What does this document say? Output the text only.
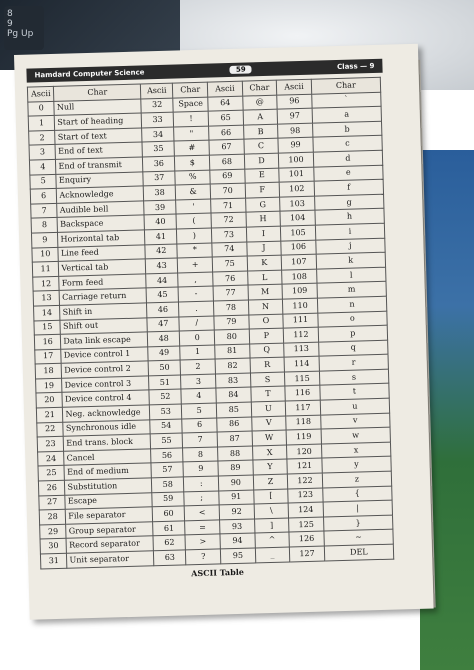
8
9
Pg Up
Hamdard Computer Science	59	Class — 9
Ascii	Char	Ascii	Char	Ascii	Char	Ascii	Char
0	Null	32	Space	64	@	96	`
1	Start of heading	33	!	65	A	97	a
2	Start of text	34	"	66	B	98	b
3	End of text	35	#	67	C	99	c
4	End of transmit	36	$	68	D	100	d
5	Enquiry	37	%	69	E	101	e
6	Acknowledge	38	&	70	F	102	f
7	Audible bell	39	'	71	G	103	g
8	Backspace	40	(	72	H	104	h
9	Horizontal tab	41	)	73	I	105	i
10	Line feed	42	*	74	J	106	j
11	Vertical tab	43	+	75	K	107	k
12	Form feed	44	,	76	L	108	l
13	Carriage return	45	-	77	M	109	m
14	Shift in	46	.	78	N	110	n
15	Shift out	47	/	79	O	111	o
16	Data link escape	48	0	80	P	112	p
17	Device control 1	49	1	81	Q	113	q
18	Device control 2	50	2	82	R	114	r
19	Device control 3	51	3	83	S	115	s
20	Device control 4	52	4	84	T	116	t
21	Neg. acknowledge	53	5	85	U	117	u
22	Synchronous idle	54	6	86	V	118	v
23	End trans. block	55	7	87	W	119	w
24	Cancel	56	8	88	X	120	x
25	End of medium	57	9	89	Y	121	y
26	Substitution	58	:	90	Z	122	z
27	Escape	59	;	91	[	123	{
28	File separator	60	<	92	\	124	|
29	Group separator	61	=	93	]	125	}
30	Record separator	62	>	94	^	126	~
31	Unit separator	63	?	95	_	127	DEL
ASCII Table
